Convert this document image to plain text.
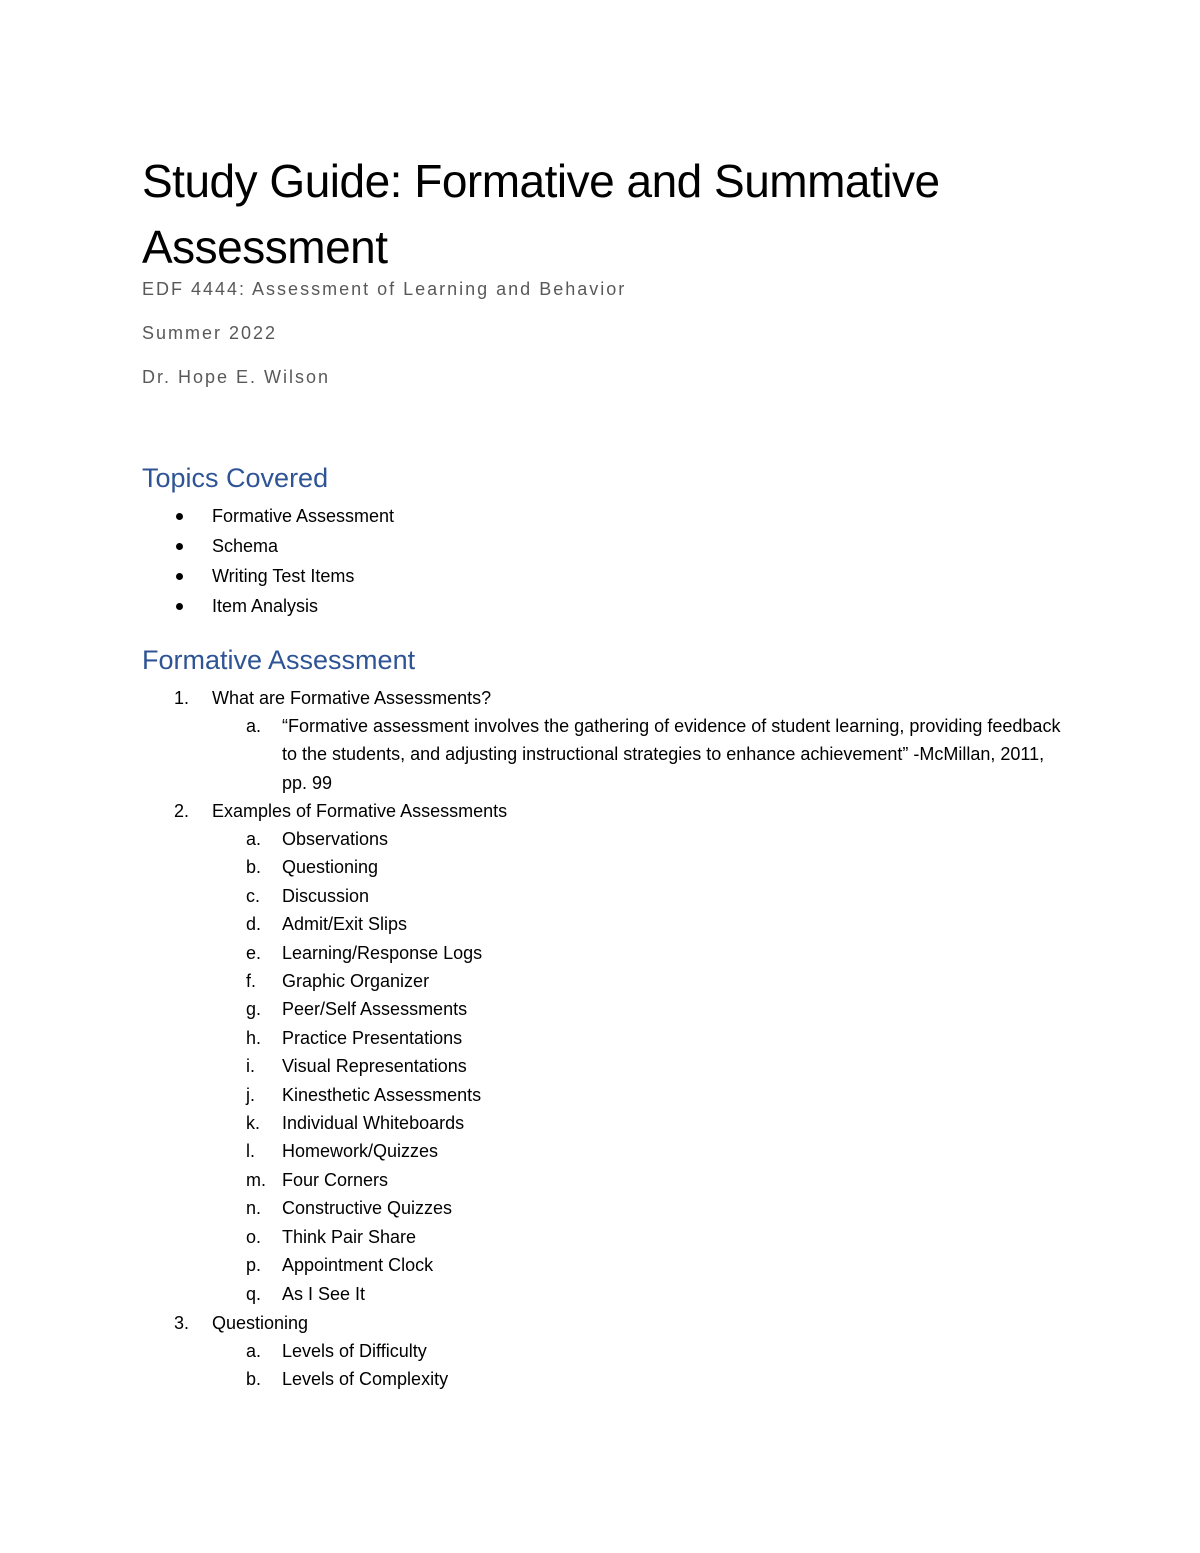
Study Guide: Formative and Summative Assessment

EDF 4444: Assessment of Learning and Behavior

Summer 2022

Dr. Hope E. Wilson

Topics Covered
Formative Assessment
Schema
Writing Test Items
Item Analysis
Formative Assessment
1.	What are Formative Assessments?
a.	“Formative assessment involves the gathering of evidence of student learning, providing feedback to the students, and adjusting instructional strategies to enhance achievement” -McMillan, 2011, pp. 99
2.	Examples of Formative Assessments
a.	Observations
b.	Questioning
c.	Discussion
d.	Admit/Exit Slips
e.	Learning/Response Logs
f.	Graphic Organizer
g.	Peer/Self Assessments
h.	Practice Presentations
i.	Visual Representations
j.	Kinesthetic Assessments
k.	Individual Whiteboards
l.	Homework/Quizzes
m. Four Corners
n.	Constructive Quizzes
o.	Think Pair Share
p.	Appointment Clock
q.	As I See It
3.	Questioning
a.	Levels of Difficulty
b.	Levels of Complexity
